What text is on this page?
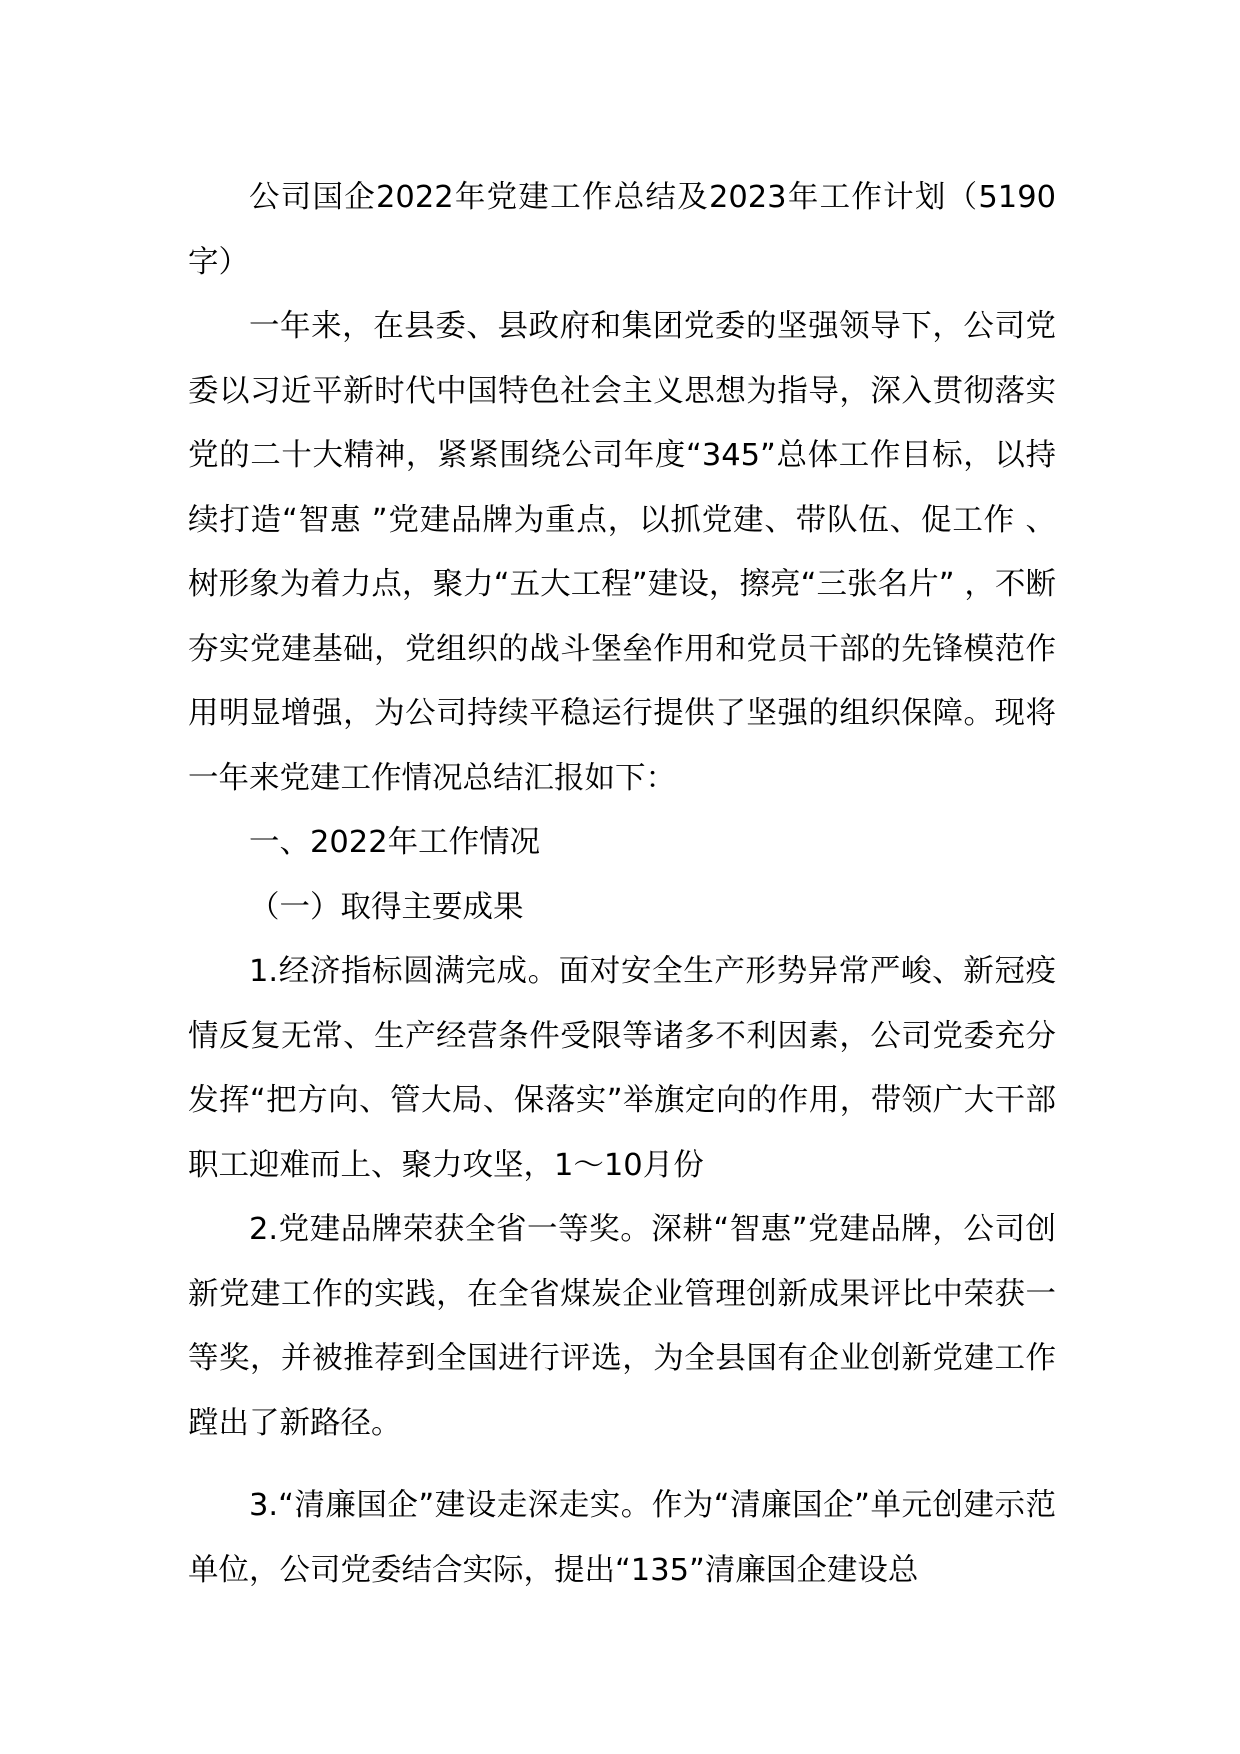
公司国企2022年党建工作总结及2023年工作计划（5190字）

一年来，在县委、县政府和集团党委的坚强领导下，公司党委以习近平新时代中国特色社会主义思想为指导，深入贯彻落实党的二十大精神，紧紧围绕公司年度“345”总体工作目标，以持续打造“智惠 ”党建品牌为重点，以抓党建、带队伍、促工作 、树形象为着力点，聚力“五大工程”建设，擦亮“三张名片” ，不断夯实党建基础，党组织的战斗堡垒作用和党员干部的先锋模范作用明显增强，为公司持续平稳运行提供了坚强的组织保障。现将一年来党建工作情况总结汇报如下：

一、2022年工作情况

（一）取得主要成果

1.经济指标圆满完成。面对安全生产形势异常严峻、新冠疫情反复无常、生产经营条件受限等诸多不利因素，公司党委充分发挥“把方向、管大局、保落实”举旗定向的作用，带领广大干部职工迎难而上、聚力攻坚，1～10月份

2.党建品牌荣获全省一等奖。深耕“智惠”党建品牌，公司创新党建工作的实践，在全省煤炭企业管理创新成果评比中荣获一等奖，并被推荐到全国进行评选，为全县国有企业创新党建工作蹚出了新路径。

3.“清廉国企”建设走深走实。作为“清廉国企”单元创建示范单位，公司党委结合实际，提出“135”清廉国企建设总
